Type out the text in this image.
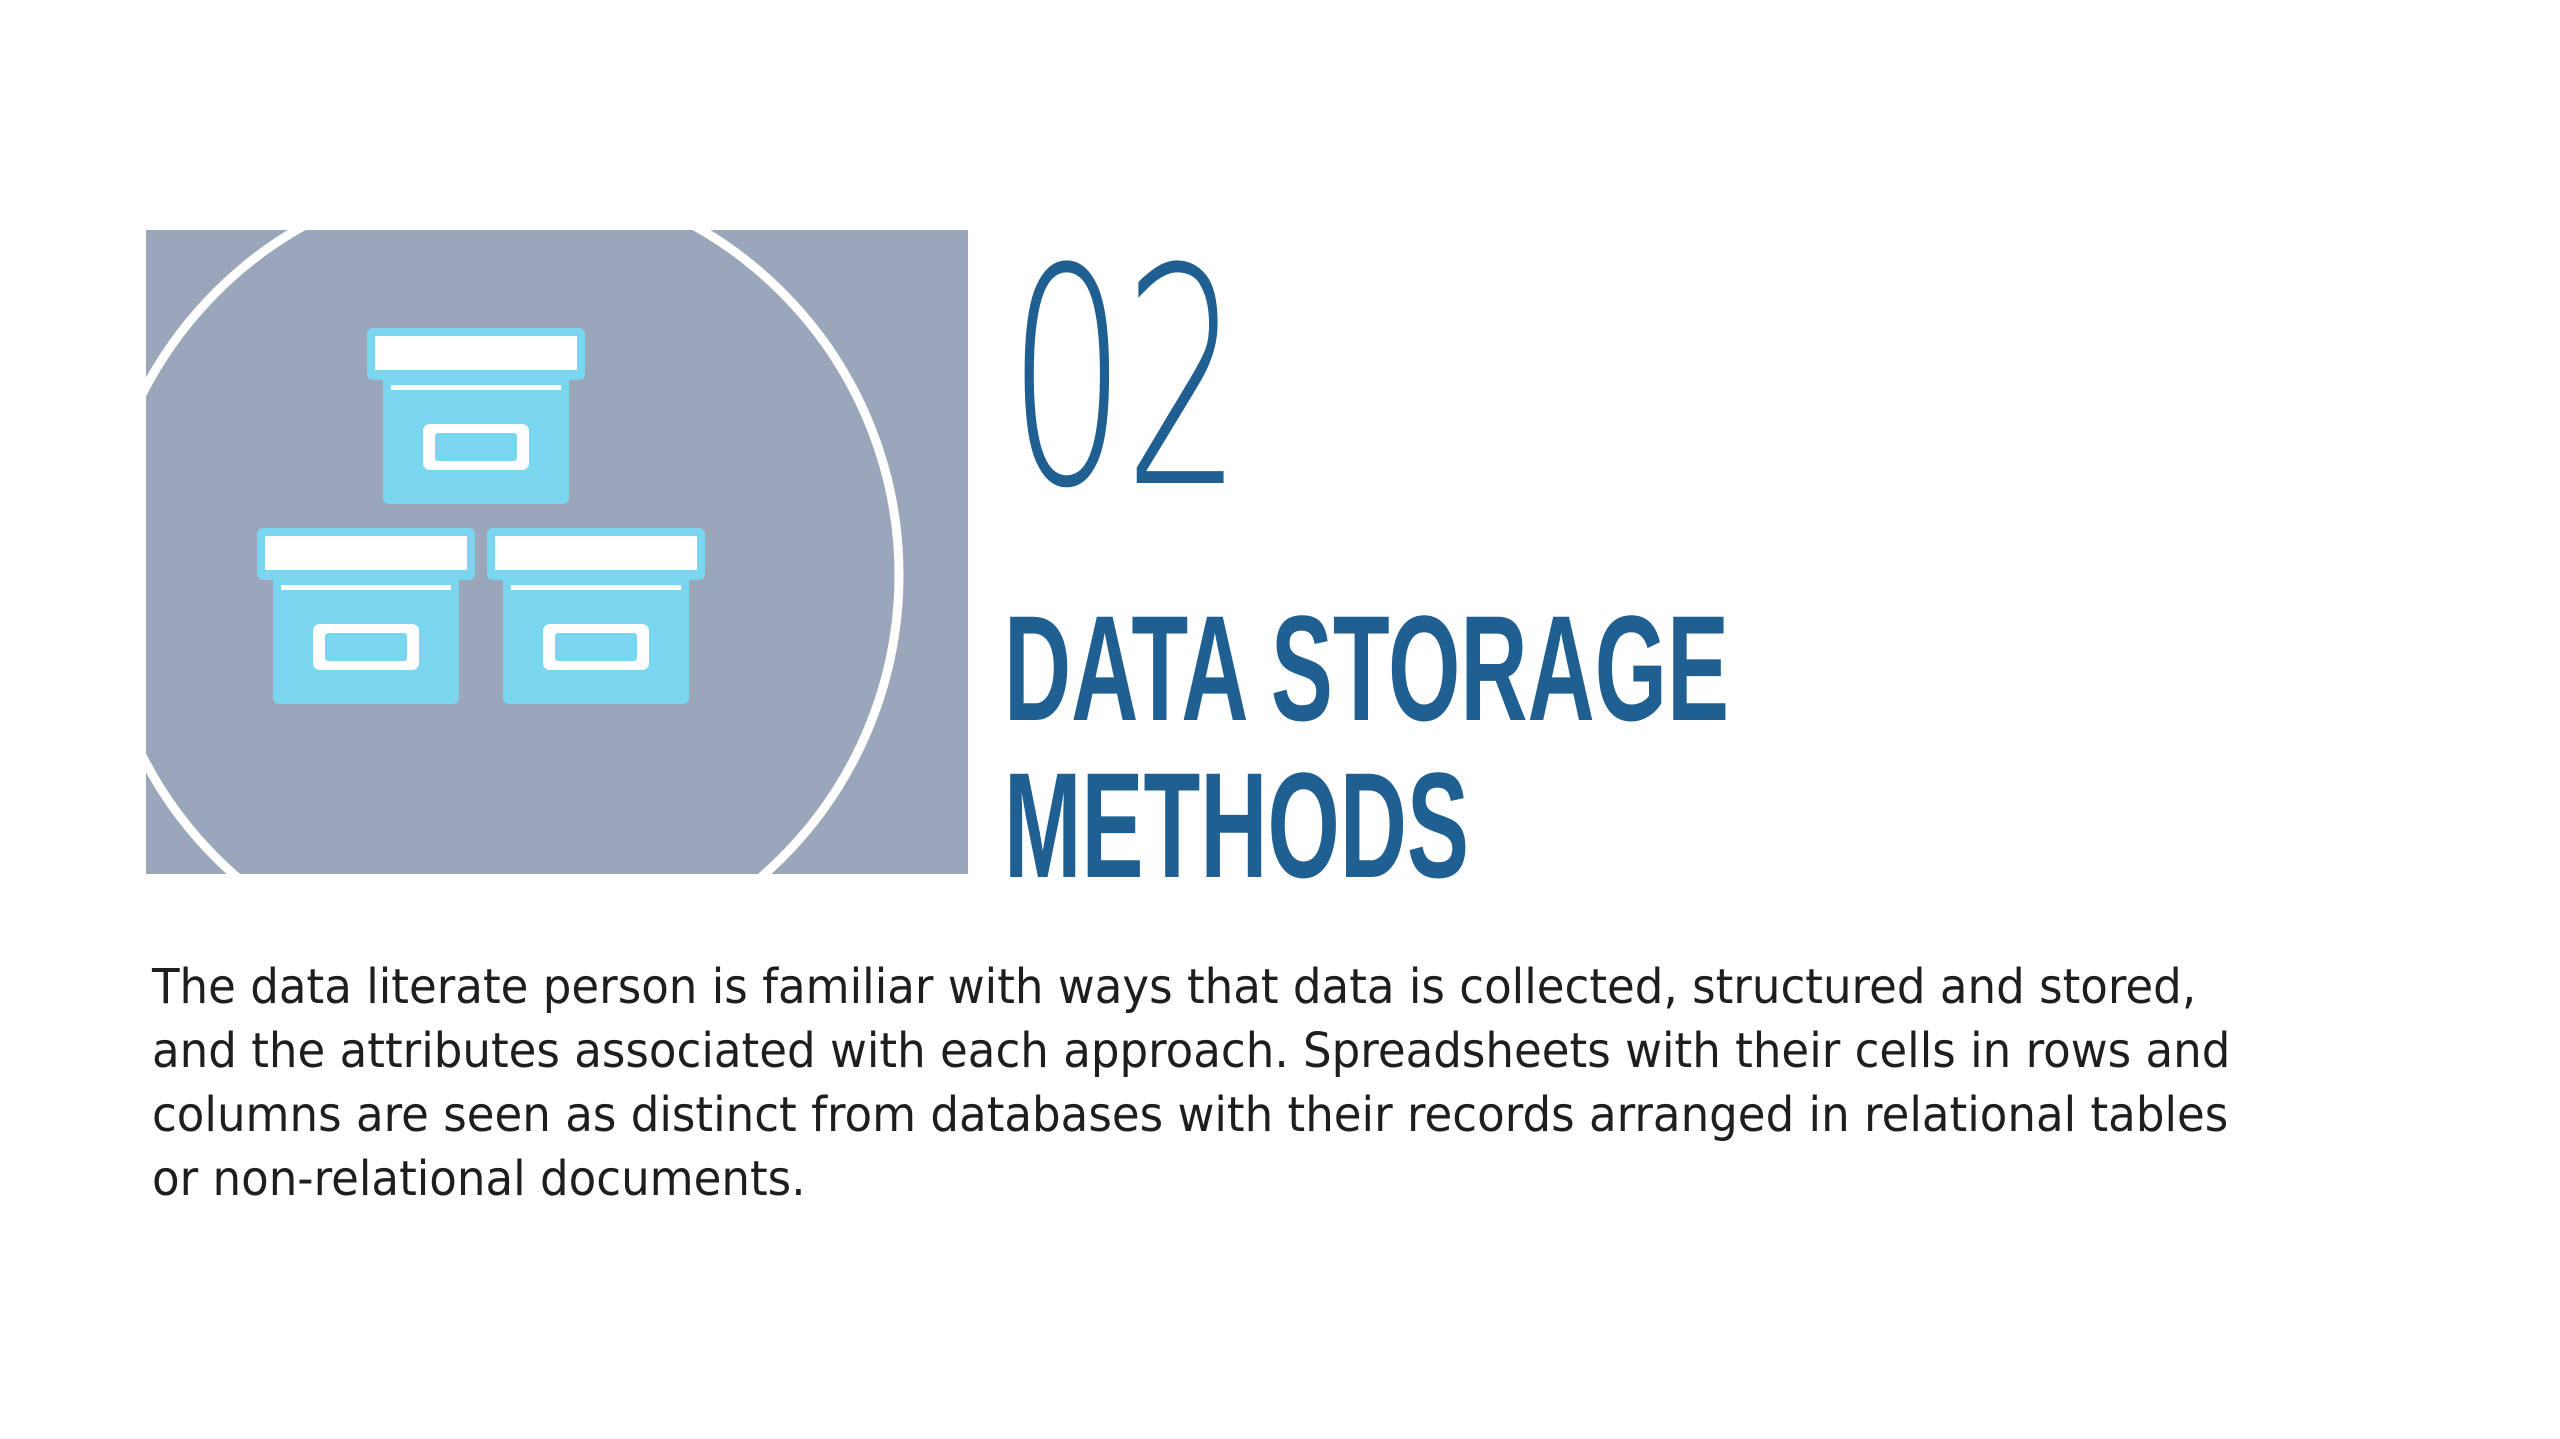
02
DATA STORAGE
METHODS
The data literate person is familiar with ways that data is collected, structured and stored,
and the attributes associated with each approach. Spreadsheets with their cells in rows and
columns are seen as distinct from databases with their records arranged in relational tables
or non-relational documents.
